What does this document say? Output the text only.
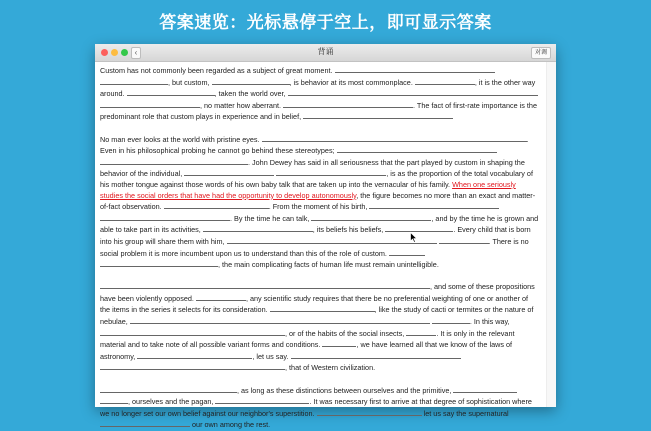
答案速览：光标悬停于空上，即可显示答案
‹	背诵	对调

Custom has not commonly been regarded as a subject of great moment.  , but custom,	, is behavior at its most commonplace.	, it is the other way around.	, taken the world over,  , no matter how aberrant.	. The fact of first-rate importance is the predominant role that custom plays in experience and in belief,

No man ever looks at the world with pristine eyes.	. Even in his philosophical probing he cannot go behind these stereotypes;  . John Dewey has said in all seriousness that the part played by custom in shaping the behavior of the individual,	, is as the proportion of the total vocabulary of his mother tongue against those words of his own baby talk that are taken up into the vernacular of his family. When one seriously studies the social orders that have had the opportunity to develop autonomously, the figure becomes no more than an exact and matter-of-fact observation.	. From the moment of his birth,  . By the time he can talk,	, and by the time he is grown and able to take part in its activities,	, its beliefs his beliefs,	. Every child that is born into his group will share them with him,	. There is no social problem it is more incumbent upon us to understand than this of the role of custom.  , the main complicating facts of human life must remain unintelligible.

, and some of these propositions have been violently opposed.	, any scientific study requires that there be no preferential weighting of one or another of the items in the series it selects for its consideration.	, like the study of cacti or termites or the nature of nebulae,	. In this way, , or of the habits of the social insects,	. It is only in the relevant material and to take note of all possible variant forms and conditions.	, we have learned all that we know of the laws of astronomy,	, let us say.  , that of Western civilization.

, as long as these distinctions between ourselves and the primitive,  , ourselves and the pagan,	. It was necessary first to arrive at that degree of sophistication where we no longer set our own belief against our neighbor's superstition.	let us say the supernatural  our own among the rest.
